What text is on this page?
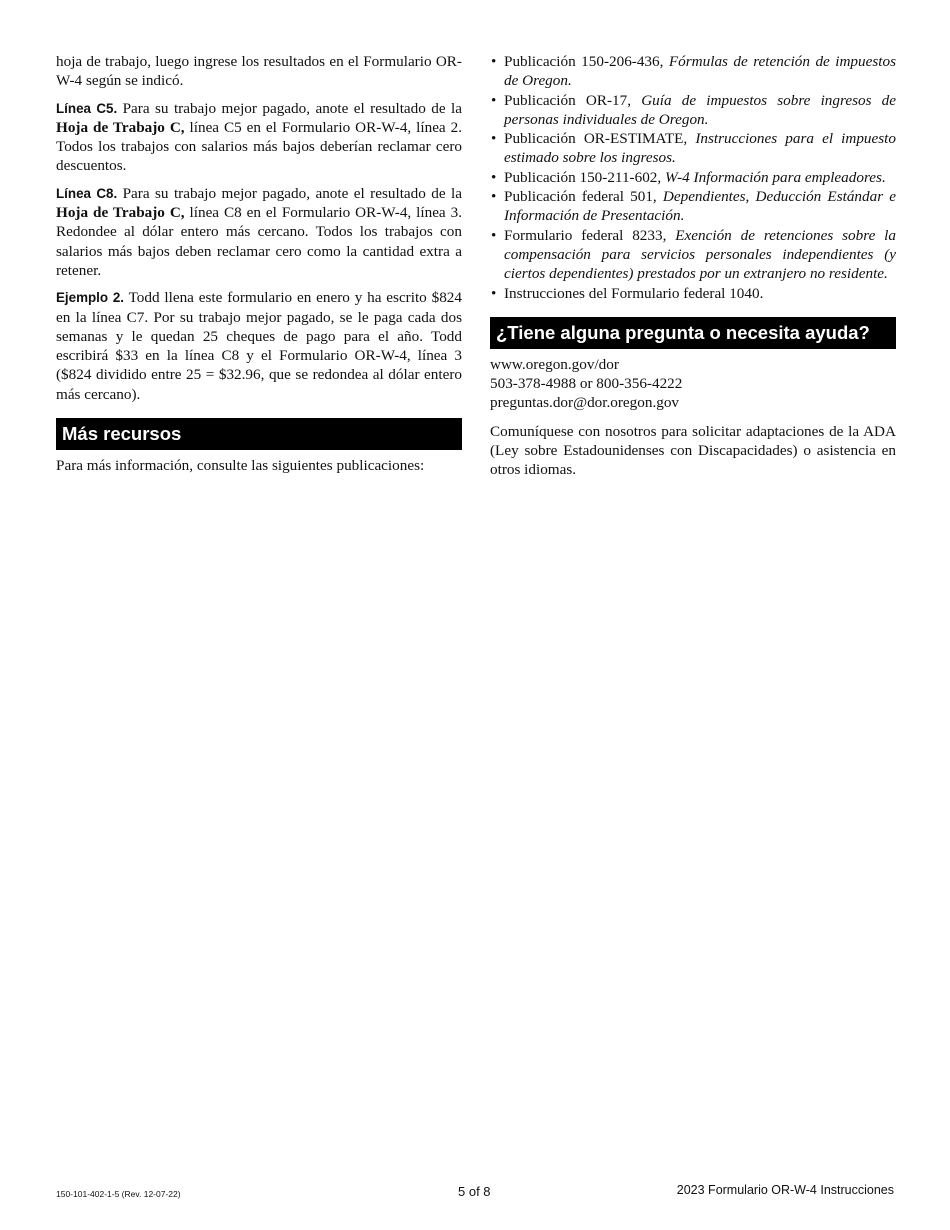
hoja de trabajo, luego ingrese los resultados en el Formulario OR-W-4 según se indicó.

Línea C5. Para su trabajo mejor pagado, anote el resultado de la Hoja de Trabajo C, línea C5 en el Formulario OR-W-4, línea 2. Todos los trabajos con salarios más bajos deberían reclamar cero descuentos.

Línea C8. Para su trabajo mejor pagado, anote el resultado de la Hoja de Trabajo C, línea C8 en el Formulario OR-W-4, línea 3. Redondee al dólar entero más cercano. Todos los trabajos con salarios más bajos deben reclamar cero como la cantidad extra a retener.

Ejemplo 2. Todd llena este formulario en enero y ha escrito $824 en la línea C7. Por su trabajo mejor pagado, se le paga cada dos semanas y le quedan 25 cheques de pago para el año. Todd escribirá $33 en la línea C8 y el Formulario OR-W-4, línea 3 ($824 dividido entre 25 = $32.96, que se redondea al dólar entero más cercano).

Más recursos

Para más información, consulte las siguientes publicaciones:

• Publicación 150-206-436, Fórmulas de retención de impuestos de Oregon.
• Publicación OR-17, Guía de impuestos sobre ingresos de personas individuales de Oregon.
• Publicación OR-ESTIMATE, Instrucciones para el impuesto estimado sobre los ingresos.
• Publicación 150-211-602, W-4 Información para empleadores.
• Publicación federal 501, Dependientes, Deducción Estándar e Información de Presentación.
• Formulario federal 8233, Exención de retenciones sobre la compensación para servicios personales independientes (y ciertos dependientes) prestados por un extranjero no residente.
• Instrucciones del Formulario federal 1040.
¿Tiene alguna pregunta o necesita ayuda?
www.oregon.gov/dor
503-378-4988 or 800-356-4222
preguntas.dor@dor.oregon.gov

Comuníquese con nosotros para solicitar adaptaciones de la ADA (Ley sobre Estadounidenses con Discapacidades) o asistencia en otros idiomas.

150-101-402-1-5 (Rev. 12-07-22)	5 of 8	2023 Formulario OR-W-4 Instrucciones
